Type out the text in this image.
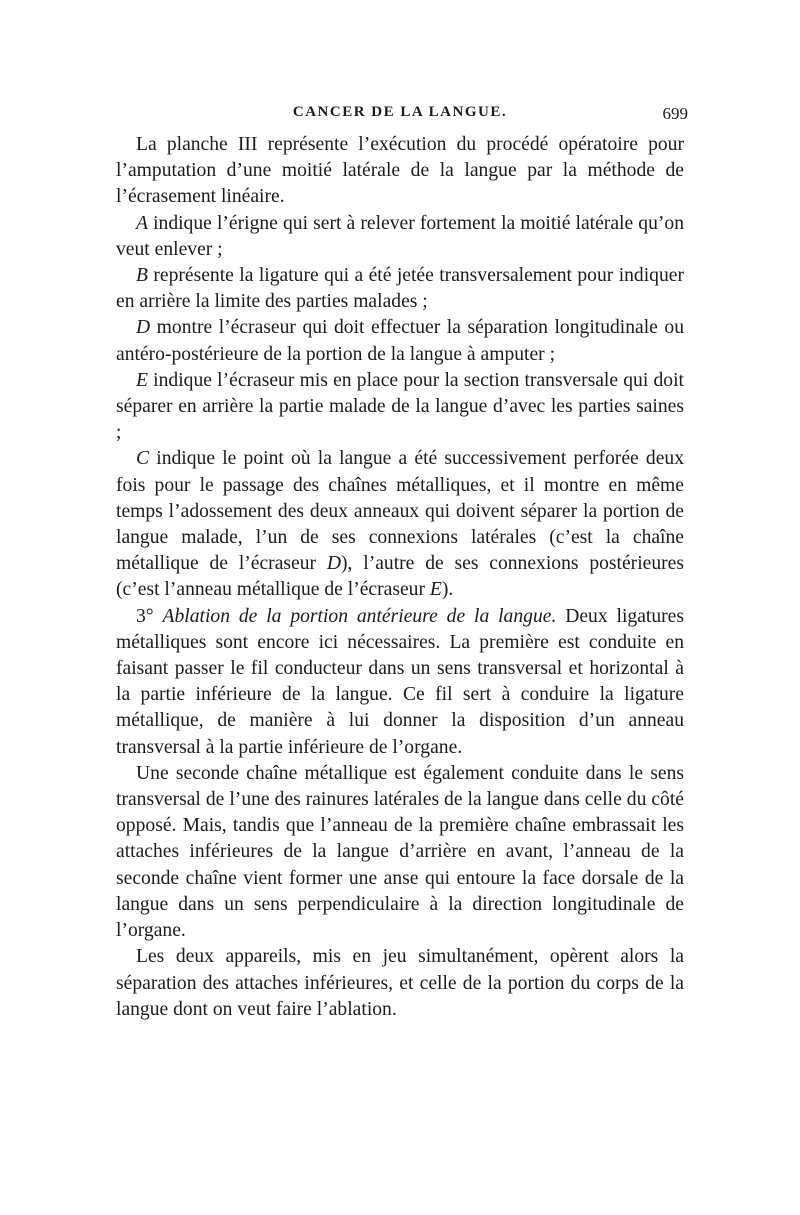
CANCER DE LA LANGUE.	699

La planche III représente l’exécution du procédé opératoire pour l’amputation d’une moitié latérale de la langue par la méthode de l’écrasement linéaire.

A indique l’érigne qui sert à relever fortement la moitié latérale qu’on veut enlever ;

B représente la ligature qui a été jetée transversalement pour indiquer en arrière la limite des parties malades ;

D montre l’écraseur qui doit effectuer la séparation longitudinale ou antéro-postérieure de la portion de la langue à amputer ;

E indique l’écraseur mis en place pour la section transversale qui doit séparer en arrière la partie malade de la langue d’avec les parties saines ;

C indique le point où la langue a été successivement perforée deux fois pour le passage des chaînes métalliques, et il montre en même temps l’adossement des deux anneaux qui doivent séparer la portion de langue malade, l’un de ses connexions latérales (c’est la chaîne métallique de l’écraseur D), l’autre de ses connexions postérieures (c’est l’anneau métallique de l’écraseur E).

3° Ablation de la portion antérieure de la langue. Deux ligatures métalliques sont encore ici nécessaires. La première est conduite en faisant passer le fil conducteur dans un sens transversal et horizontal à la partie inférieure de la langue. Ce fil sert à conduire la ligature métallique, de manière à lui donner la disposition d’un anneau transversal à la partie inférieure de l’organe.

Une seconde chaîne métallique est également conduite dans le sens transversal de l’une des rainures latérales de la langue dans celle du côté opposé. Mais, tandis que l’anneau de la première chaîne embrassait les attaches inférieures de la langue d’arrière en avant, l’anneau de la seconde chaîne vient former une anse qui entoure la face dorsale de la langue dans un sens perpendiculaire à la direction longitudinale de l’organe.

Les deux appareils, mis en jeu simultanément, opèrent alors la séparation des attaches inférieures, et celle de la portion du corps de la langue dont on veut faire l’ablation.
